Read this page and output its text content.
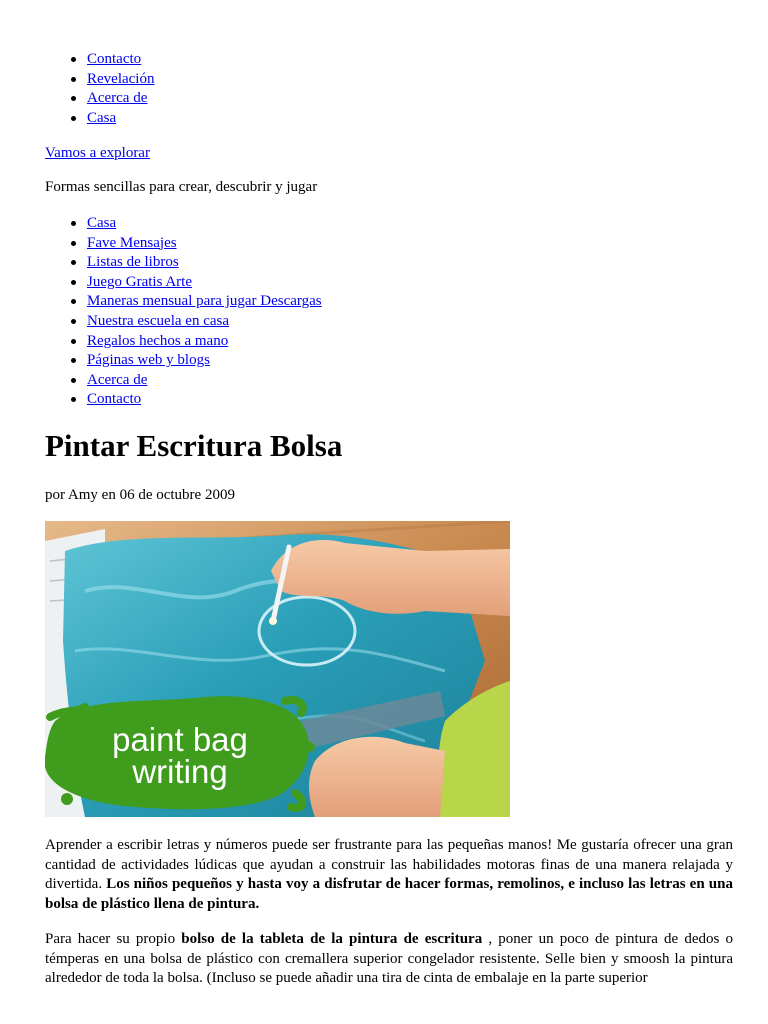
Contacto
Revelación
Acerca de
Casa
Vamos a explorar
Formas sencillas para crear, descubrir y jugar
Casa
Fave Mensajes
Listas de libros
Juego Gratis Arte
Maneras mensual para jugar Descargas
Nuestra escuela en casa
Regalos hechos a mano
Páginas web y blogs
Acerca de
Contacto
Pintar Escritura Bolsa
por Amy en 06 de octubre 2009
paint bag
writing

Aprender a escribir letras y números puede ser frustrante para las pequeñas manos! Me gustaría ofrecer una gran cantidad de actividades lúdicas que ayudan a construir las habilidades motoras finas de una manera relajada y divertida. Los niños pequeños y hasta voy a disfrutar de hacer formas, remolinos, e incluso las letras en una bolsa de plástico llena de pintura.

Para hacer su propio bolso de la tableta de la pintura de escritura , poner un poco de pintura de dedos o témperas en una bolsa de plástico con cremallera superior congelador resistente. Selle bien y smoosh la pintura alrededor de toda la bolsa. (Incluso se puede añadir una tira de cinta de embalaje en la parte superior
